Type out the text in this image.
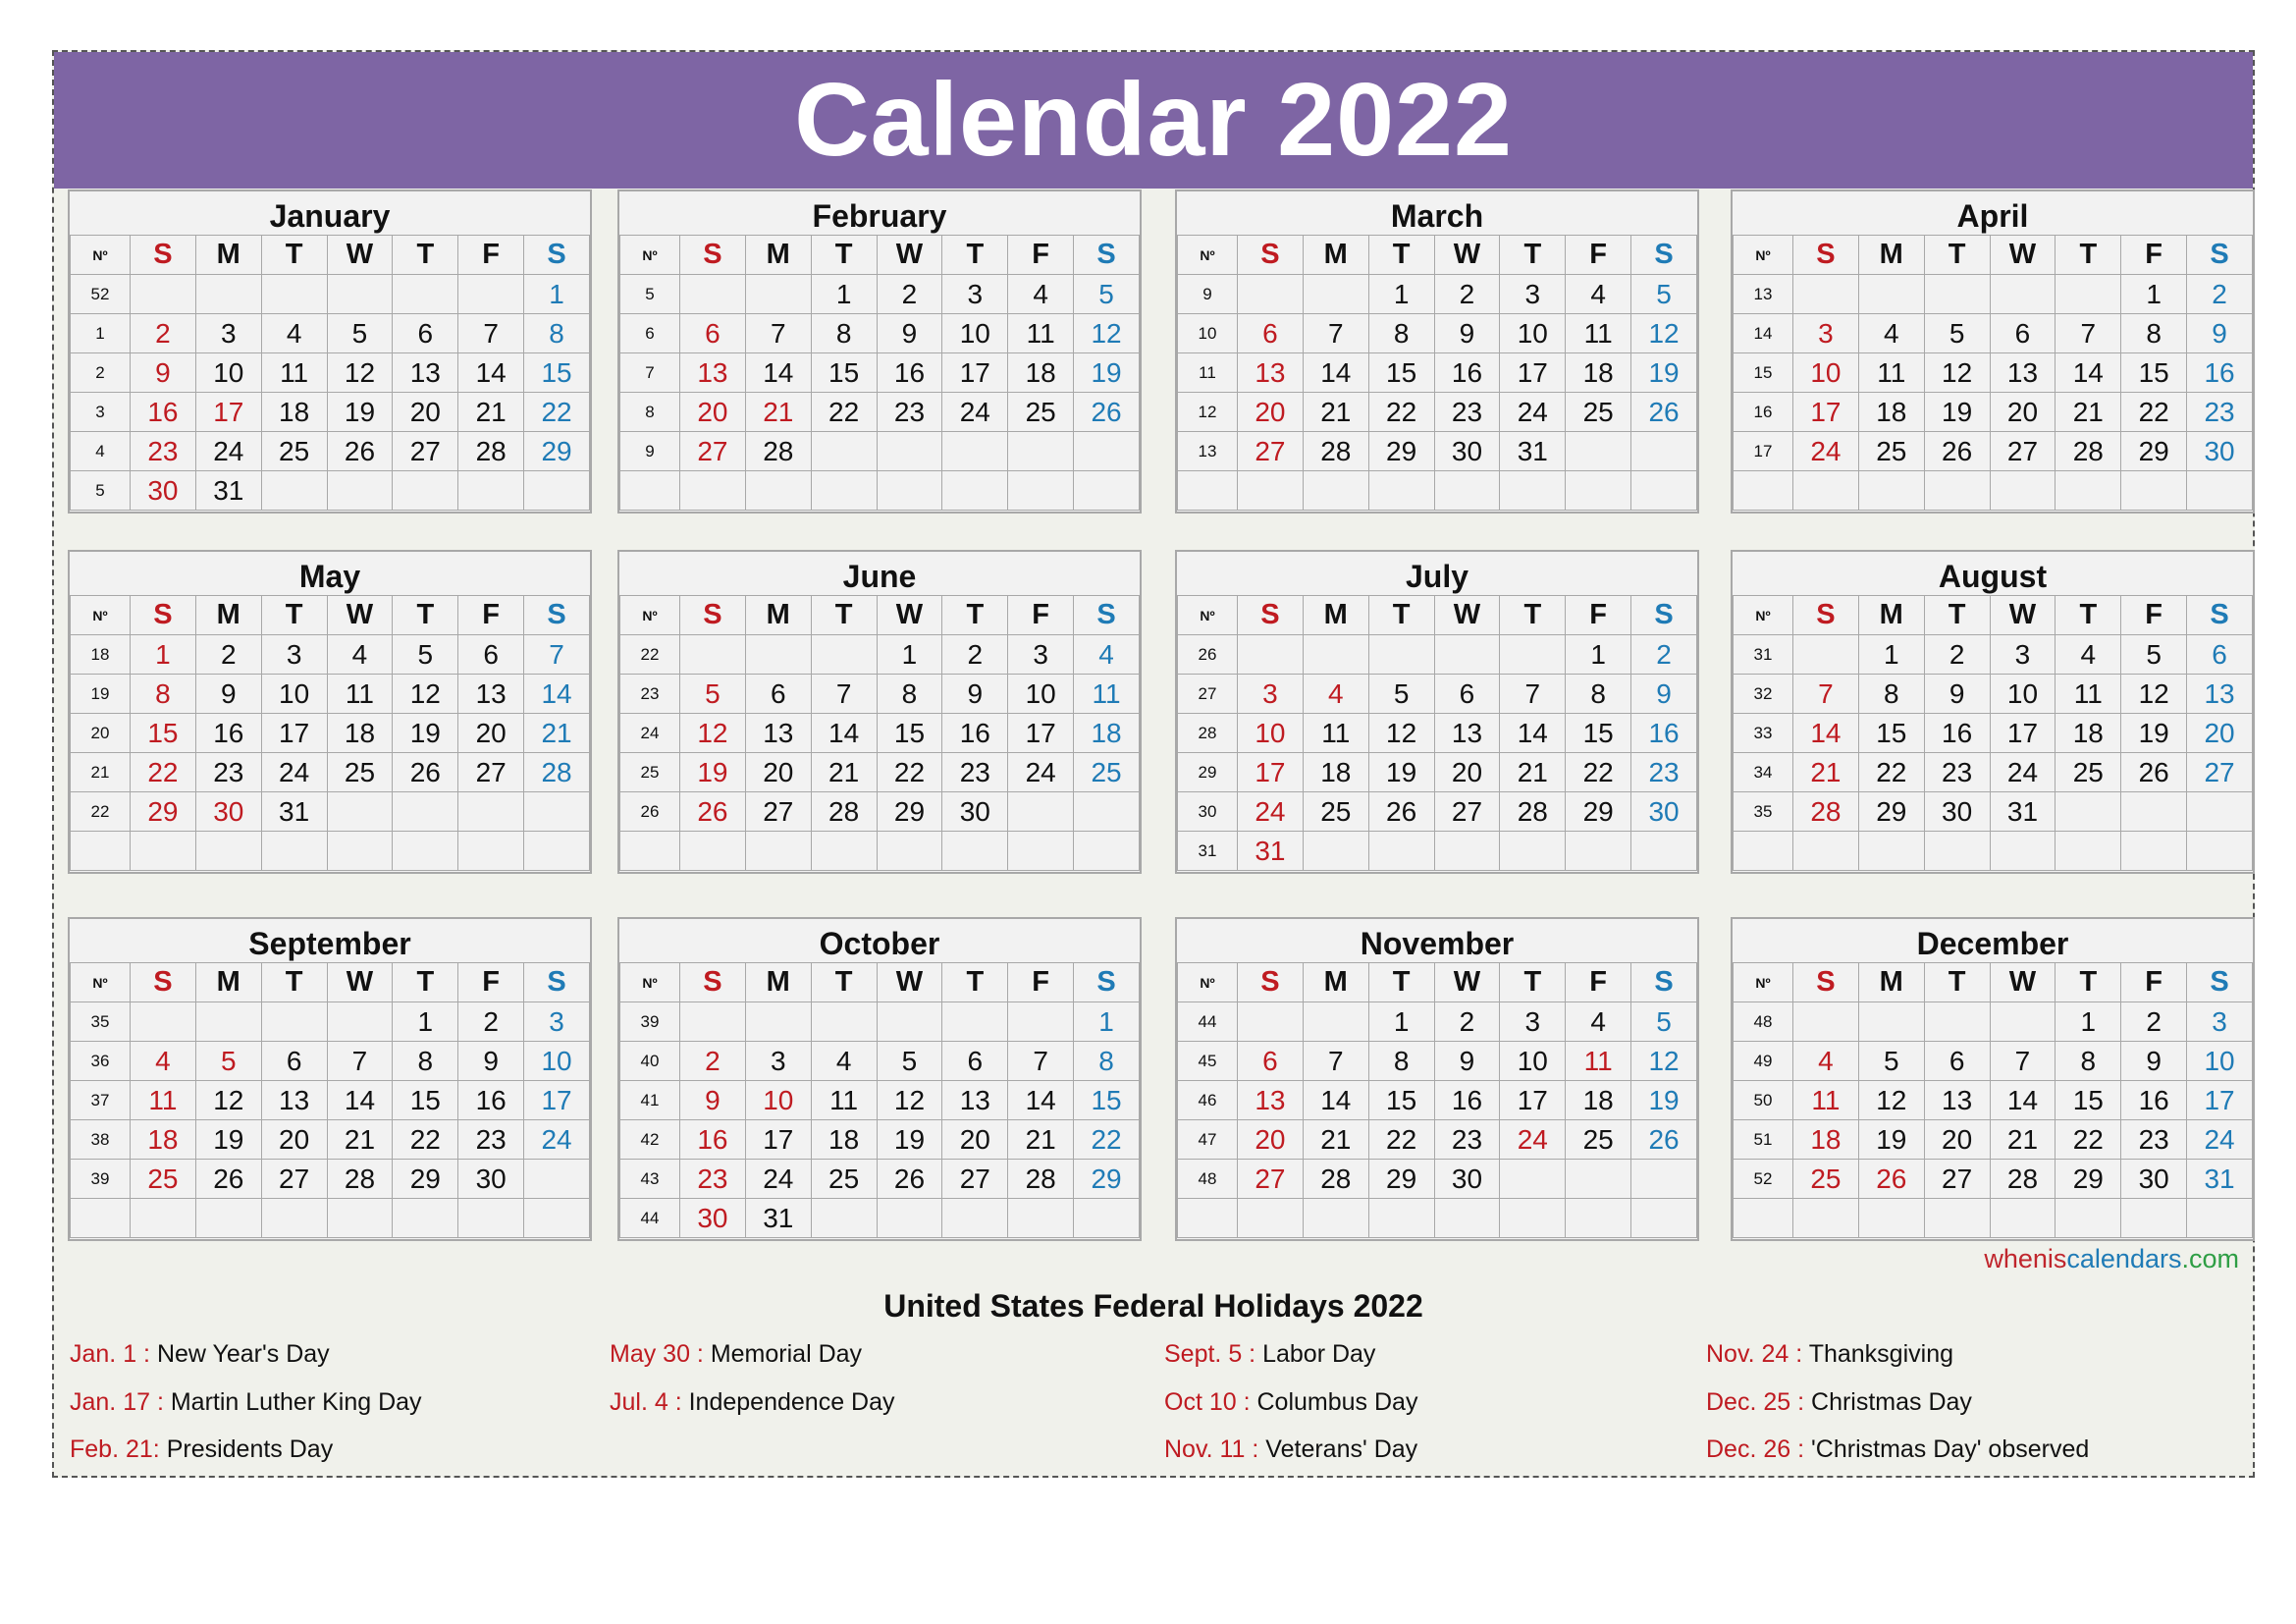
Calendar 2022
January
Nº	S	M	T	W	T	F	S
52							1
1	2	3	4	5	6	7	8
2	9	10	11	12	13	14	15
3	16	17	18	19	20	21	22
4	23	24	25	26	27	28	29
5	30	31					
February
Nº	S	M	T	W	T	F	S
5			1	2	3	4	5
6	6	7	8	9	10	11	12
7	13	14	15	16	17	18	19
8	20	21	22	23	24	25	26
9	27	28					

March
Nº	S	M	T	W	T	F	S
9			1	2	3	4	5
10	6	7	8	9	10	11	12
11	13	14	15	16	17	18	19
12	20	21	22	23	24	25	26
13	27	28	29	30	31		

April
Nº	S	M	T	W	T	F	S
13						1	2
14	3	4	5	6	7	8	9
15	10	11	12	13	14	15	16
16	17	18	19	20	21	22	23
17	24	25	26	27	28	29	30

May
Nº	S	M	T	W	T	F	S
18	1	2	3	4	5	6	7
19	8	9	10	11	12	13	14
20	15	16	17	18	19	20	21
21	22	23	24	25	26	27	28
22	29	30	31				

June
Nº	S	M	T	W	T	F	S
22				1	2	3	4
23	5	6	7	8	9	10	11
24	12	13	14	15	16	17	18
25	19	20	21	22	23	24	25
26	26	27	28	29	30		

July
Nº	S	M	T	W	T	F	S
26						1	2
27	3	4	5	6	7	8	9
28	10	11	12	13	14	15	16
29	17	18	19	20	21	22	23
30	24	25	26	27	28	29	30
31	31						
August
Nº	S	M	T	W	T	F	S
31		1	2	3	4	5	6
32	7	8	9	10	11	12	13
33	14	15	16	17	18	19	20
34	21	22	23	24	25	26	27
35	28	29	30	31			

September
Nº	S	M	T	W	T	F	S
35					1	2	3
36	4	5	6	7	8	9	10
37	11	12	13	14	15	16	17
38	18	19	20	21	22	23	24
39	25	26	27	28	29	30	

October
Nº	S	M	T	W	T	F	S
39							1
40	2	3	4	5	6	7	8
41	9	10	11	12	13	14	15
42	16	17	18	19	20	21	22
43	23	24	25	26	27	28	29
44	30	31					
November
Nº	S	M	T	W	T	F	S
44			1	2	3	4	5
45	6	7	8	9	10	11	12
46	13	14	15	16	17	18	19
47	20	21	22	23	24	25	26
48	27	28	29	30			

December
Nº	S	M	T	W	T	F	S
48					1	2	3
49	4	5	6	7	8	9	10
50	11	12	13	14	15	16	17
51	18	19	20	21	22	23	24
52	25	26	27	28	29	30	31

wheniscalendars.com
United States Federal Holidays 2022
Jan. 1 : New Year's Day
Jan. 17 : Martin Luther King Day
Feb. 21: Presidents Day
May 30 : Memorial Day
Jul. 4 : Independence Day
Sept. 5 : Labor Day
Oct 10 : Columbus Day
Nov. 11 : Veterans' Day
Nov. 24 : Thanksgiving
Dec. 25 : Christmas Day
Dec. 26 : 'Christmas Day' observed
